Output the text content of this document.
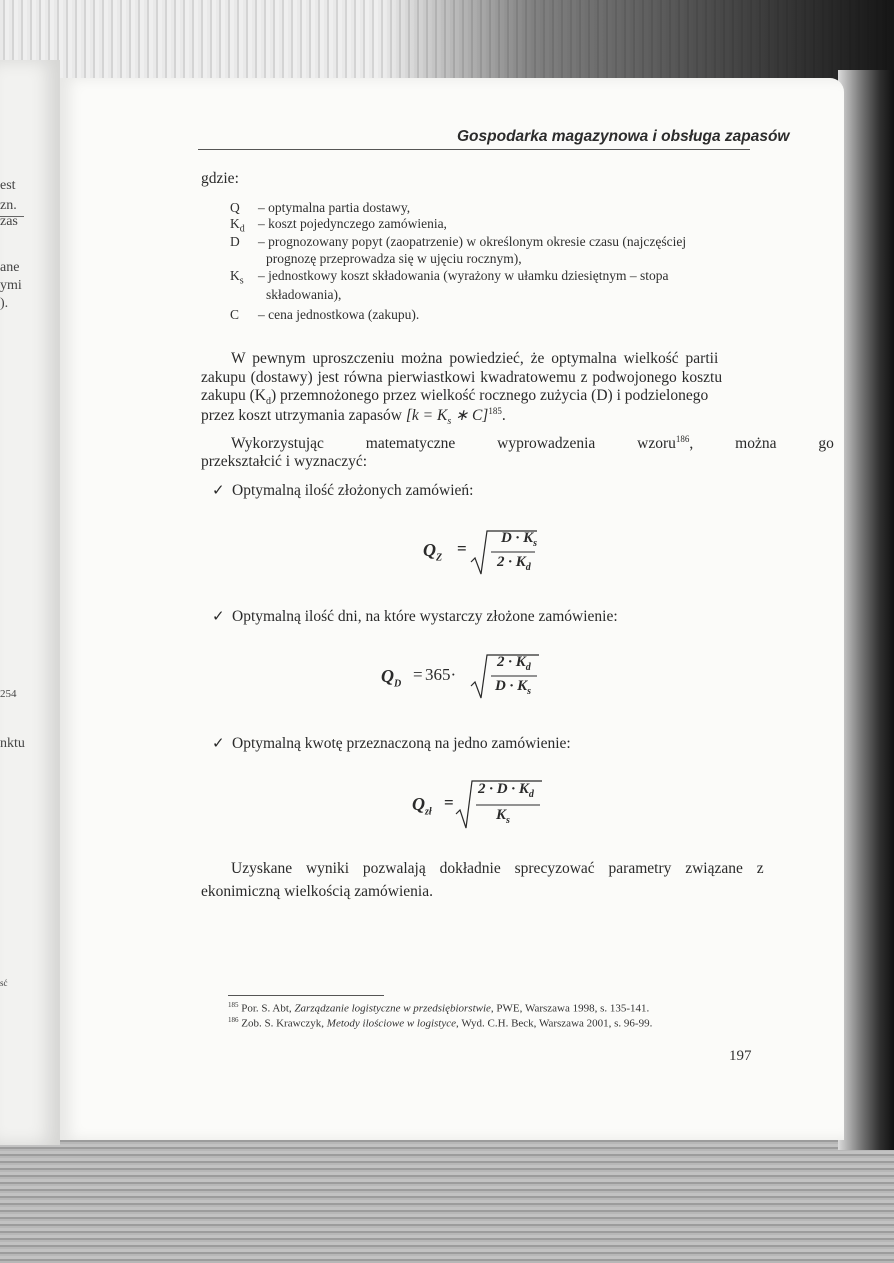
est
zn.
zas
ane
ymi
).
254
nktu
sć
Gospodarka magazynowa i obsługa zapasów
gdzie:
Q – optymalna partia dostawy,
$K_d$ – koszt pojedynczego zamówienia,
D – prognozowany popyt (zaopatrzenie) w określonym okresie czasu (najczęściej
prognozę przeprowadza się w ujęciu rocznym),
$K_s$ – jednostkowy koszt składowania (wyrażony w ułamku dziesiętnym – stopa
składowania),
C – cena jednostkowa (zakupu).
W pewnym uproszczeniu można powiedzieć, że optymalna wielkość partii
zakupu (dostawy) jest równa pierwiastkowi kwadratowemu z podwojonego kosztu
zakupu $(K_d)$ przemnożonego przez wielkość rocznego zużycia (D) i podzielonego
przez koszt utrzymania zapasów [$k = K_s$ ∗ C]$^{185}$.
Wykorzystując matematyczne wyprowadzenia wzoru$^{186}$, można go
przekształcić i wyznaczyć:
✓ Optymalną ilość złożonych zamówień:
$Q_Z$
=
$D \cdot K_s$
$2 \cdot K_d$
✓ Optymalną ilość dni, na które wystarczy złożone zamówienie:
$Q_D$
= 365·
$2 \cdot K_d$
$D \cdot K_s$
✓ Optymalną kwotę przeznaczoną na jedno zamówienie:
$Q_{zł}$
=
$2 \cdot D \cdot K_d$
$K_s$
Uzyskane wyniki pozwalają dokładnie sprecyzować parametry związane z
ekonimiczną wielkością zamówienia.
$^{185}$ Por. S. Abt, Zarządzanie logistyczne w przedsiębiorstwie, PWE, Warszawa 1998, s. 135-141.
$^{186}$ Zob. S. Krawczyk, Metody ilościowe w logistyce, Wyd. C.H. Beck, Warszawa 2001, s. 96-99.
197
